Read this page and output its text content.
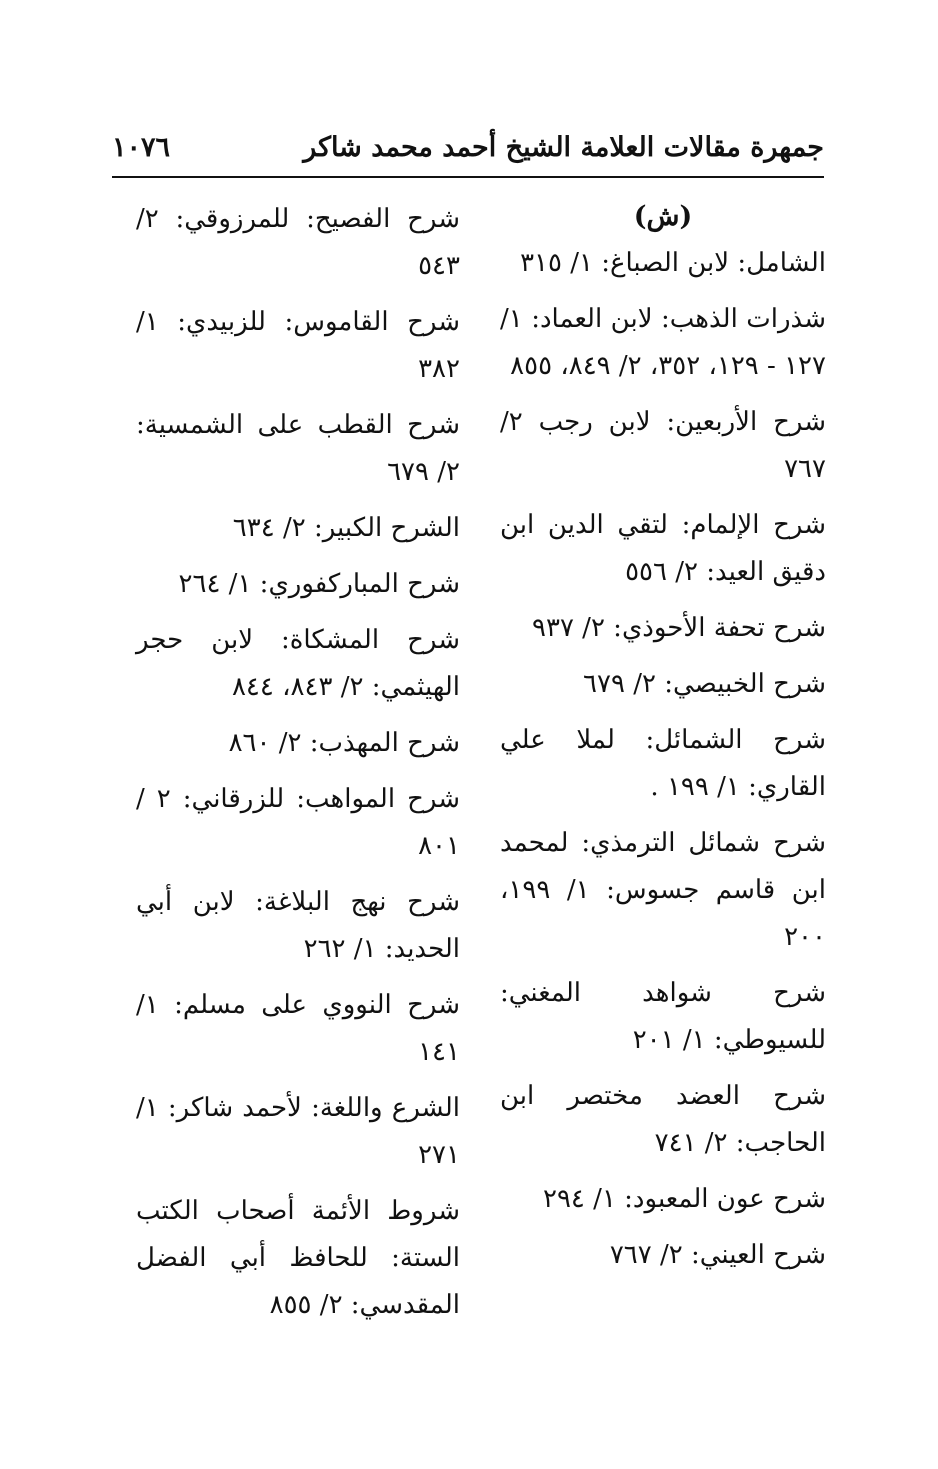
جمهرة مقالات العلامة الشيخ أحمد محمد شاكر
١٠٧٦
(ش)
الشامل: لابن الصباغ: ١/ ٣١٥
شذرات الذهب: لابن العماد: ١/ ١٢٧ - ١٢٩، ٣٥٢، ٢/ ٨٤٩، ٨٥٥
شرح الأربعين: لابن رجب ٢/ ٧٦٧
شرح الإلمام: لتقي الدين ابن دقيق العيد: ٢/ ٥٥٦
شرح تحفة الأحوذي: ٢/ ٩٣٧
شرح الخبيصي: ٢/ ٦٧٩
شرح الشمائل: لملا علي القاري: ١/ ١٩٩ .
شرح شمائل الترمذي: لمحمد ابن قاسم جسوس: ١/ ١٩٩، ٢٠٠
شرح شواهد المغني: للسيوطي: ١/ ٢٠١
شرح العضد مختصر ابن الحاجب: ٢/ ٧٤١
شرح عون المعبود: ١/ ٢٩٤
شرح العيني: ٢/ ٧٦٧
شرح الفصيح: للمرزوقي: ٢/ ٥٤٣
شرح القاموس: للزبيدي: ١/ ٣٨٢
شرح القطب على الشمسية: ٢/ ٦٧٩
الشرح الكبير: ٢/ ٦٣٤
شرح المباركفوري: ١/ ٢٦٤
شرح المشكاة: لابن حجر الهيثمي: ٢/ ٨٤٣، ٨٤٤
شرح المهذب: ٢/ ٨٦٠
شرح المواهب: للزرقاني: ٢ / ٨٠١
شرح نهج البلاغة: لابن أبي الحديد: ١/ ٢٦٢
شرح النووي على مسلم: ١/ ١٤١
الشرع واللغة: لأحمد شاكر: ١/ ٢٧١
شروط الأئمة أصحاب الكتب الستة: للحافظ أبي الفضل المقدسي: ٢/ ٨٥٥
